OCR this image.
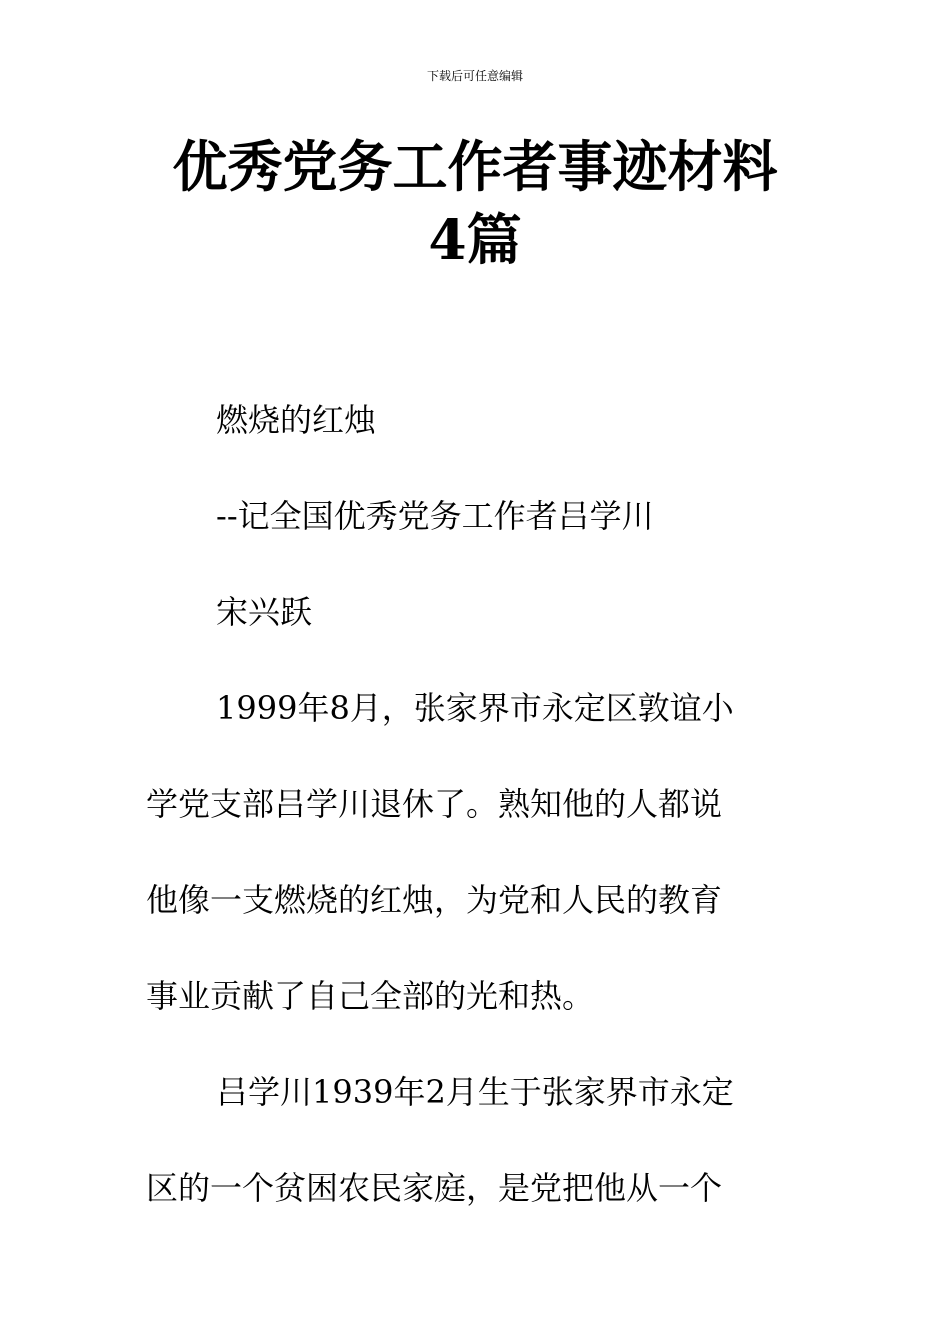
下载后可任意编辑
优秀党务工作者事迹材料
4篇

燃烧的红烛

--记全国优秀党务工作者吕学川

宋兴跃

1999年8月，张家界市永定区敦谊小
学党支部吕学川退休了。熟知他的人都说
他像一支燃烧的红烛，为党和人民的教育
事业贡献了自己全部的光和热。
吕学川1939年2月生于张家界市永定
区的一个贫困农民家庭，是党把他从一个
